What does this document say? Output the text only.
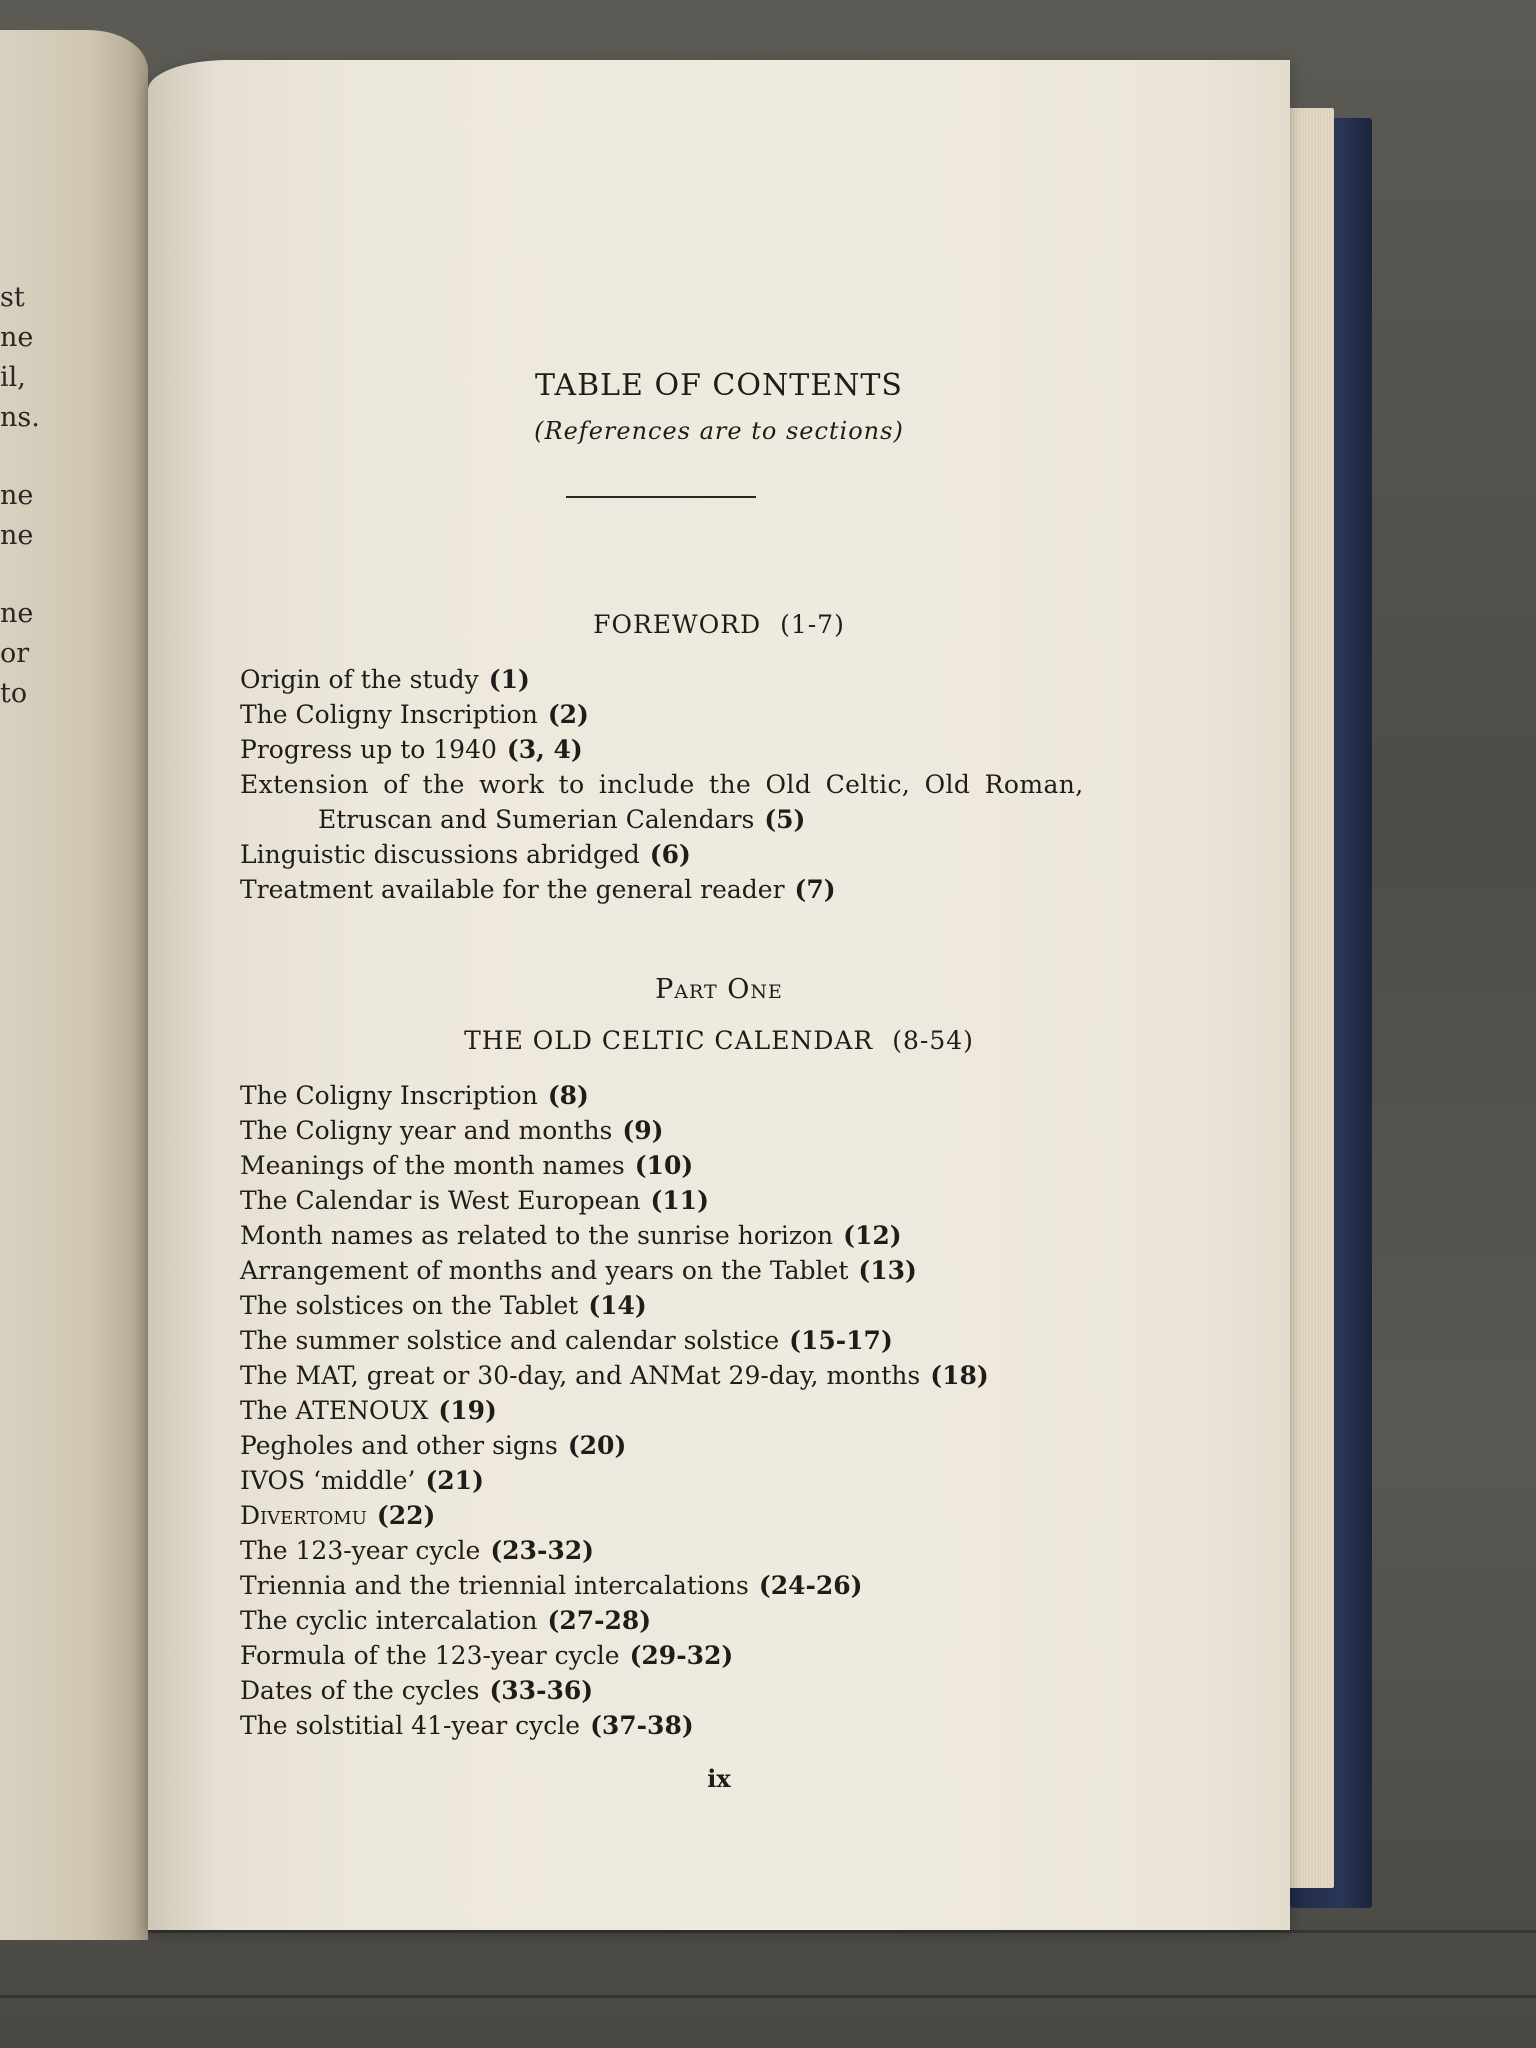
st
ne
il,
ns.
ne
ne
ne
or
to
TABLE OF CONTENTS
(References are to sections)
FOREWORD (1-7)
Origin of the study (1)
The Coligny Inscription (2)
Progress up to 1940 (3, 4)
Extension of the work to include the Old Celtic, Old Roman,
Etruscan and Sumerian Calendars (5)
Linguistic discussions abridged (6)
Treatment available for the general reader (7)
Part One
THE OLD CELTIC CALENDAR (8-54)
The Coligny Inscription (8)
The Coligny year and months (9)
Meanings of the month names (10)
The Calendar is West European (11)
Month names as related to the sunrise horizon (12)
Arrangement of months and years on the Tablet (13)
The solstices on the Tablet (14)
The summer solstice and calendar solstice (15-17)
The MAT, great or 30-day, and ANMat 29-day, months (18)
The ATENOUX (19)
Pegholes and other signs (20)
IVOS ‘middle’ (21)
Divertomu (22)
The 123-year cycle (23-32)
Triennia and the triennial intercalations (24-26)
The cyclic intercalation (27-28)
Formula of the 123-year cycle (29-32)
Dates of the cycles (33-36)
The solstitial 41-year cycle (37-38)
ix
